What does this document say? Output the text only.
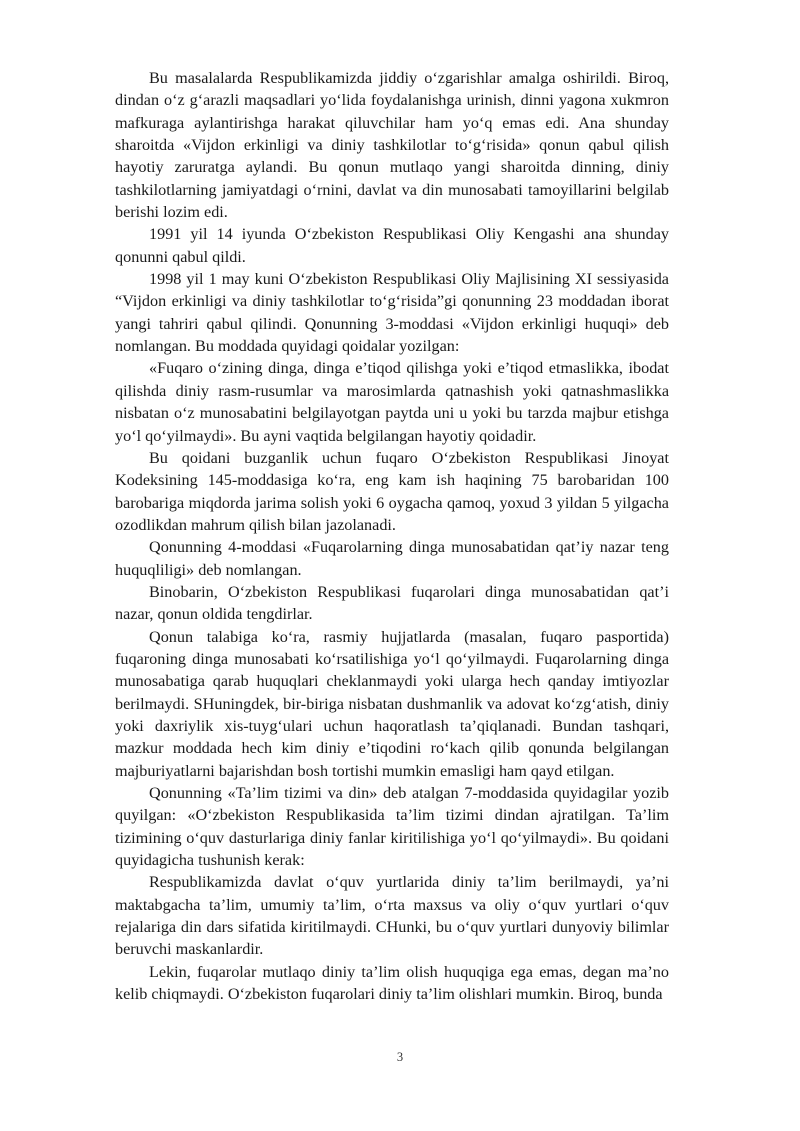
Bu masalalarda Respublikamizda jiddiy o‘zgarishlar amalga oshirildi. Biroq, dindan o‘z g‘arazli maqsadlari yo‘lida foydalanishga urinish, dinni yagona xukmron mafkuraga aylantirishga harakat qiluvchilar ham yo‘q emas edi. Ana shunday sharoitda «Vijdon erkinligi va diniy tashkilotlar to‘g‘risida» qonun qabul qilish hayotiy zaruratga aylandi. Bu qonun mutlaqo yangi sharoitda dinning, diniy tashkilotlarning jamiyatdagi o‘rnini, davlat va din munosabati tamoyillarini belgilab berishi lozim edi.

1991 yil 14 iyunda O‘zbekiston Respublikasi Oliy Kengashi ana shunday qonunni qabul qildi.

1998 yil 1 may kuni O‘zbekiston Respublikasi Oliy Majlisining XI sessiyasida “Vijdon erkinligi va diniy tashkilotlar to‘g‘risida”gi qonunning 23 moddadan iborat yangi tahriri qabul qilindi. Qonunning 3-moddasi «Vijdon erkinligi huquqi» deb nomlangan. Bu moddada quyidagi qoidalar yozilgan:

«Fuqaro o‘zining dinga, dinga e’tiqod qilishga yoki e’tiqod etmaslikka, ibodat qilishda diniy rasm-rusumlar va marosimlarda qatnashish yoki qatnashmaslikka nisbatan o‘z munosabatini belgilayotgan paytda uni u yoki bu tarzda majbur etishga yo‘l qo‘yilmaydi». Bu ayni vaqtida belgilangan hayotiy qoidadir.

Bu qoidani buzganlik uchun fuqaro O‘zbekiston Respublikasi Jinoyat Kodeksining 145-moddasiga ko‘ra, eng kam ish haqining 75 barobaridan 100 barobariga miqdorda jarima solish yoki 6 oygacha qamoq, yoxud 3 yildan 5 yilgacha ozodlikdan mahrum qilish bilan jazolanadi.

Qonunning 4-moddasi «Fuqarolarning dinga munosabatidan qat’iy nazar teng huquqliligi» deb nomlangan.

Binobarin, O‘zbekiston Respublikasi fuqarolari dinga munosabatidan qat’i nazar, qonun oldida tengdirlar.

Qonun talabiga ko‘ra, rasmiy hujjatlarda (masalan, fuqaro pasportida) fuqaroning dinga munosabati ko‘rsatilishiga yo‘l qo‘yilmaydi. Fuqarolarning dinga munosabatiga qarab huquqlari cheklanmaydi yoki ularga hech qanday imtiyozlar berilmaydi. SHuningdek, bir-biriga nisbatan dushmanlik va adovat ko‘zg‘atish, diniy yoki daxriylik xis-tuyg‘ulari uchun haqoratlash ta’qiqlanadi. Bundan tashqari, mazkur moddada hech kim diniy e’tiqodini ro‘kach qilib qonunda belgilangan majburiyatlarni bajarishdan bosh tortishi mumkin emasligi ham qayd etilgan.

Qonunning «Ta’lim tizimi va din» deb atalgan 7-moddasida quyidagilar yozib quyilgan: «O‘zbekiston Respublikasida ta’lim tizimi dindan ajratilgan. Ta’lim tizimining o‘quv dasturlariga diniy fanlar kiritilishiga yo‘l qo‘yilmaydi». Bu qoidani quyidagicha tushunish kerak:

Respublikamizda davlat o‘quv yurtlarida diniy ta’lim berilmaydi, ya’ni maktabgacha ta’lim, umumiy ta’lim, o‘rta maxsus va oliy o‘quv yurtlari o‘quv rejalariga din dars sifatida kiritilmaydi. CHunki, bu o‘quv yurtlari dunyoviy bilimlar beruvchi maskanlardir.

Lekin, fuqarolar mutlaqo diniy ta’lim olish huquqiga ega emas, degan ma’no kelib chiqmaydi. O‘zbekiston fuqarolari diniy ta’lim olishlari mumkin. Biroq, bunda

3
